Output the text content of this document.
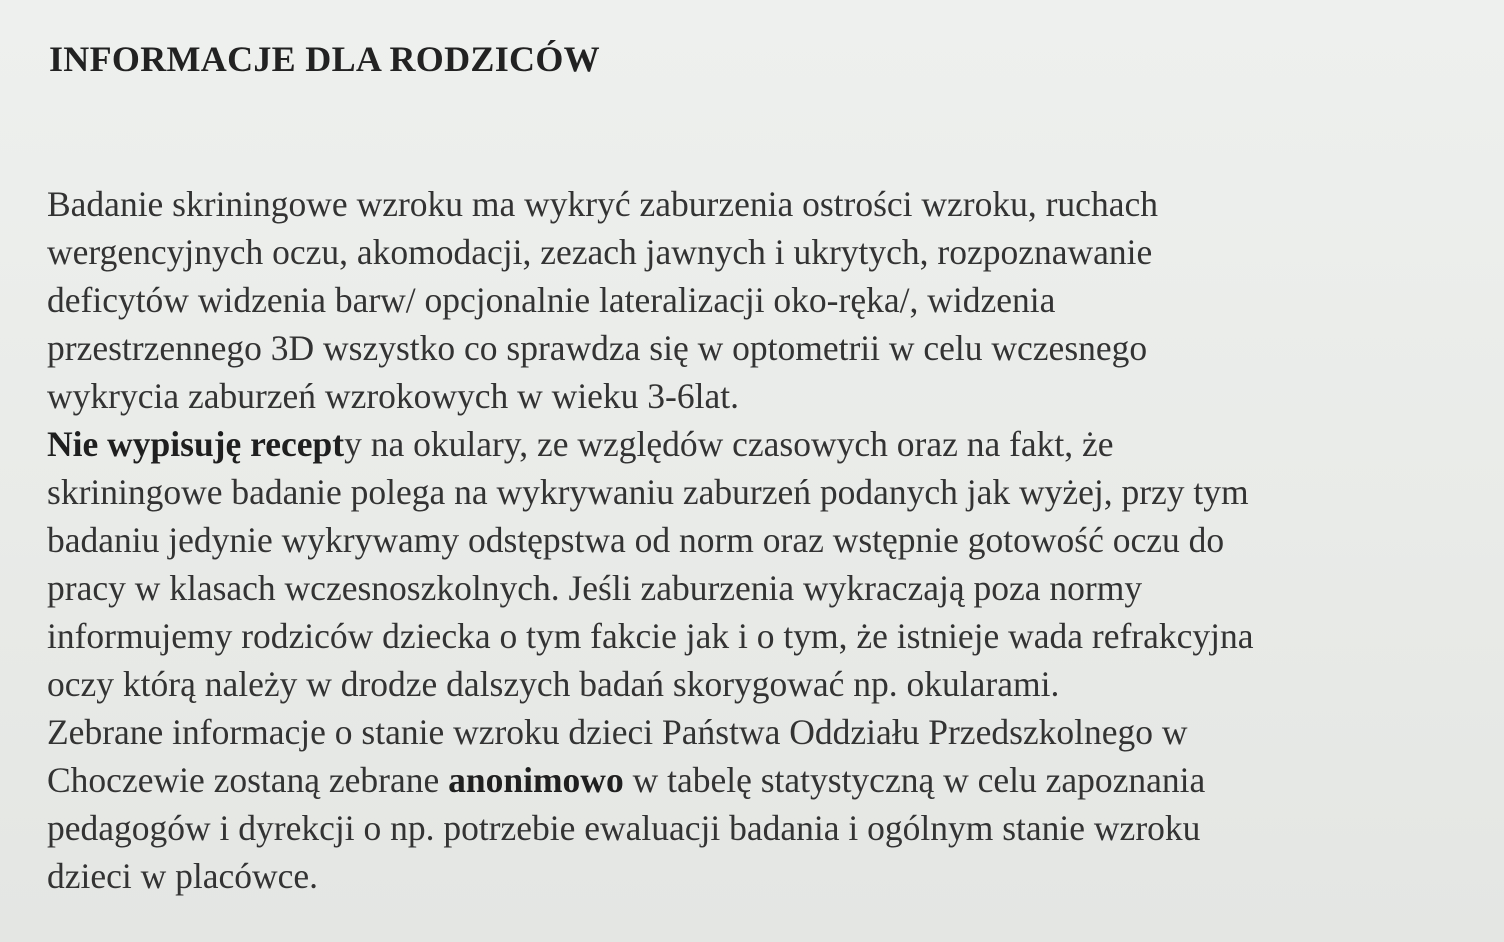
INFORMACJE DLA RODZICÓW
Badanie skriningowe wzroku ma wykryć zaburzenia ostrości wzroku, ruchach
wergencyjnych oczu, akomodacji, zezach jawnych i ukrytych, rozpoznawanie
deficytów widzenia barw/ opcjonalnie lateralizacji oko-ręka/, widzenia
przestrzennego 3D wszystko co sprawdza się w optometrii w celu wczesnego
wykrycia zaburzeń wzrokowych w wieku 3-6lat.
Nie wypisuję recepty na okulary, ze względów czasowych oraz na fakt, że
skriningowe badanie polega na wykrywaniu zaburzeń podanych jak wyżej, przy tym
badaniu jedynie wykrywamy odstępstwa od norm oraz wstępnie gotowość oczu do
pracy w klasach wczesnoszkolnych. Jeśli zaburzenia wykraczają poza normy
informujemy rodziców dziecka o tym fakcie jak i o tym, że istnieje wada refrakcyjna
oczy którą należy w drodze dalszych badań skorygować np. okularami.
Zebrane informacje o stanie wzroku dzieci Państwa Oddziału Przedszkolnego w
Choczewie zostaną zebrane anonimowo w tabelę statystyczną w celu zapoznania
pedagogów i dyrekcji o np. potrzebie ewaluacji badania i ogólnym stanie wzroku
dzieci w placówce.
